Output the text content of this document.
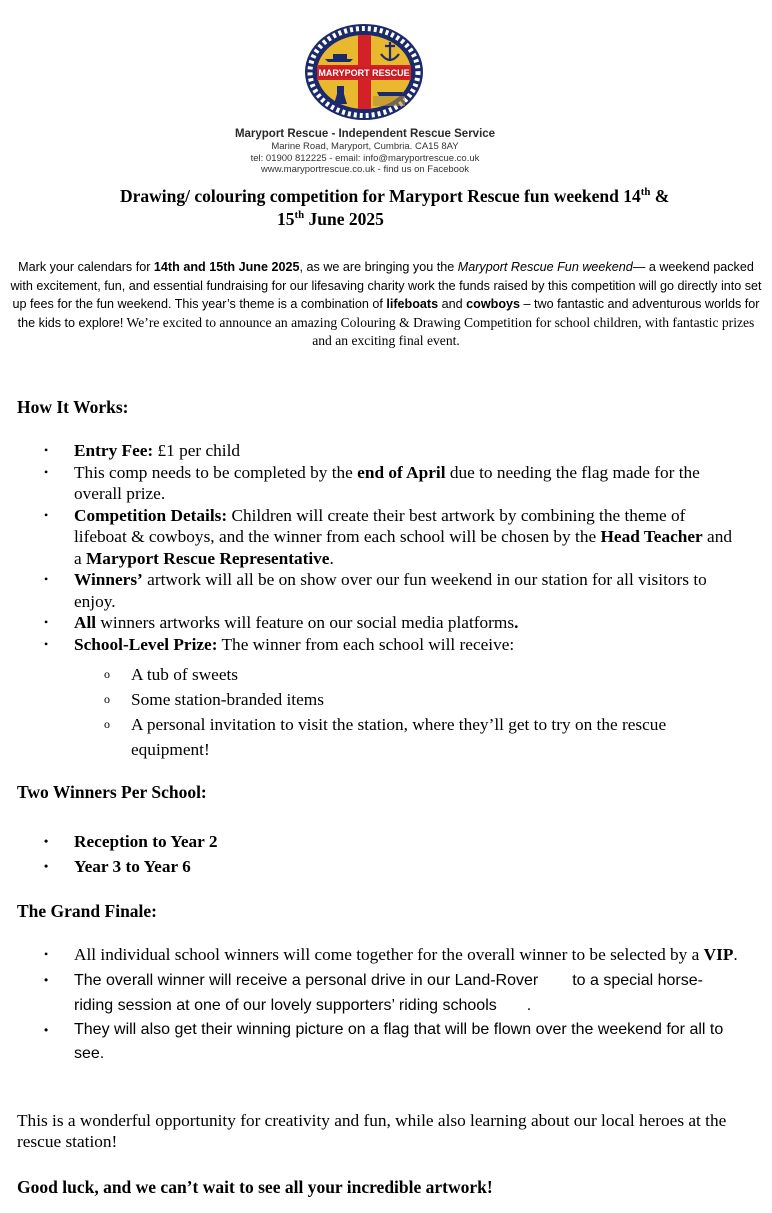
MARYPORT RESCUE
Maryport Rescue - Independent Rescue Service
Marine Road, Maryport, Cumbria. CA15 8AY
tel: 01900 812225 - email: info@maryportrescue.co.uk
www.maryportrescue.co.uk - find us on Facebook
Drawing/ colouring competition for Maryport Rescue fun weekend 14th &
15th June 2025
Mark your calendars for 14th and 15th June 2025, as we are bringing you the Maryport Rescue Fun weekend— a weekend packed with excitement, fun, and essential fundraising for our lifesaving charity work the funds raised by this competition will go directly into set up fees for the fun weekend. This year’s theme is a combination of lifeboats and cowboys – two fantastic and adventurous worlds for the kids to explore! We’re excited to announce an amazing Colouring & Drawing Competition for school children, with fantastic prizes and an exciting final event.
How It Works:
• Entry Fee: £1 per child
• This comp needs to be completed by the end of April due to needing the flag made for the overall prize.
• Competition Details: Children will create their best artwork by combining the theme of lifeboat & cowboys, and the winner from each school will be chosen by the Head Teacher and a Maryport Rescue Representative.
• Winners’ artwork will all be on show over our fun weekend in our station for all visitors to enjoy.
• All winners artworks will feature on our social media platforms.
• School-Level Prize: The winner from each school will receive:
o A tub of sweets
o Some station-branded items
o A personal invitation to visit the station, where they’ll get to try on the rescue equipment!
Two Winners Per School:
• Reception to Year 2
• Year 3 to Year 6
The Grand Finale:
• All individual school winners will come together for the overall winner to be selected by a VIP.
• The overall winner will receive a personal drive in our Land-Rover to a special horse-riding session at one of our lovely supporters’ riding schools .
• They will also get their winning picture on a flag that will be flown over the weekend for all to see.
This is a wonderful opportunity for creativity and fun, while also learning about our local heroes at the rescue station!
Good luck, and we can’t wait to see all your incredible artwork!
